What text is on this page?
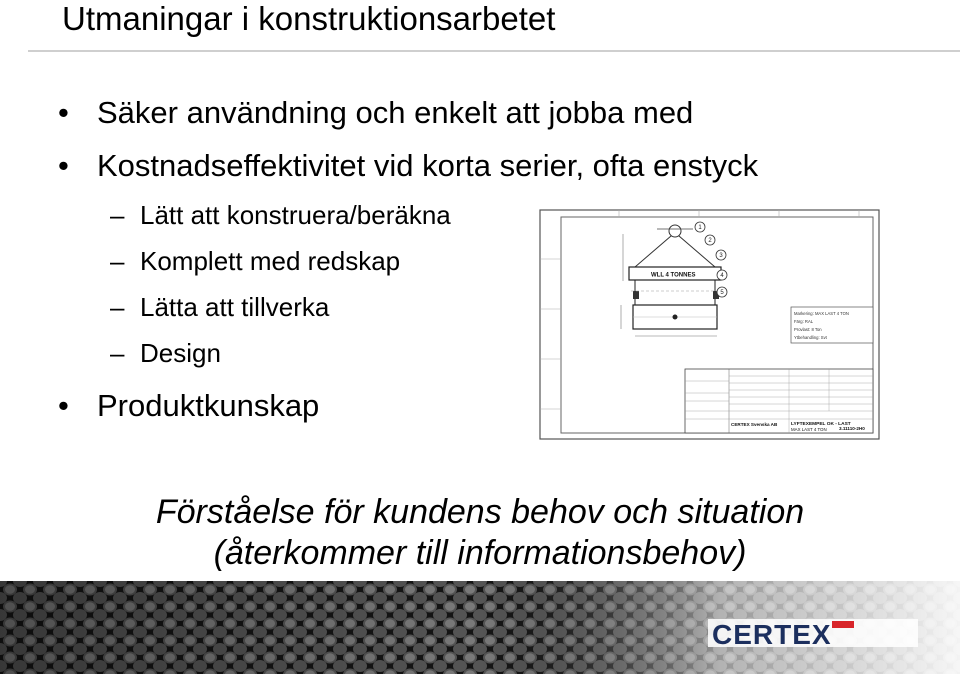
Utmaningar i konstruktionsarbetet
• Säker användning och enkelt att jobba med
• Kostnadseffektivitet vid korta serier, ofta enstyck
– Lätt att konstruera/beräkna
– Komplett med redskap
– Lätta att tillverka
– Design
• Produktkunskap
WLL 4 TONNES
1
2
3
4
5
Markering: MAX LAST 4 TON
Färg: RAL
Provlast: 8 Ton
Ytbehandling: Svt
CERTEX Svenska AB	LYFTEXEMPEL OK - LAST
MAX LAST 4 TON	3.11110-2H0
Förståelse för kundens behov och situation
(återkommer till informationsbehov)
CERTEX
